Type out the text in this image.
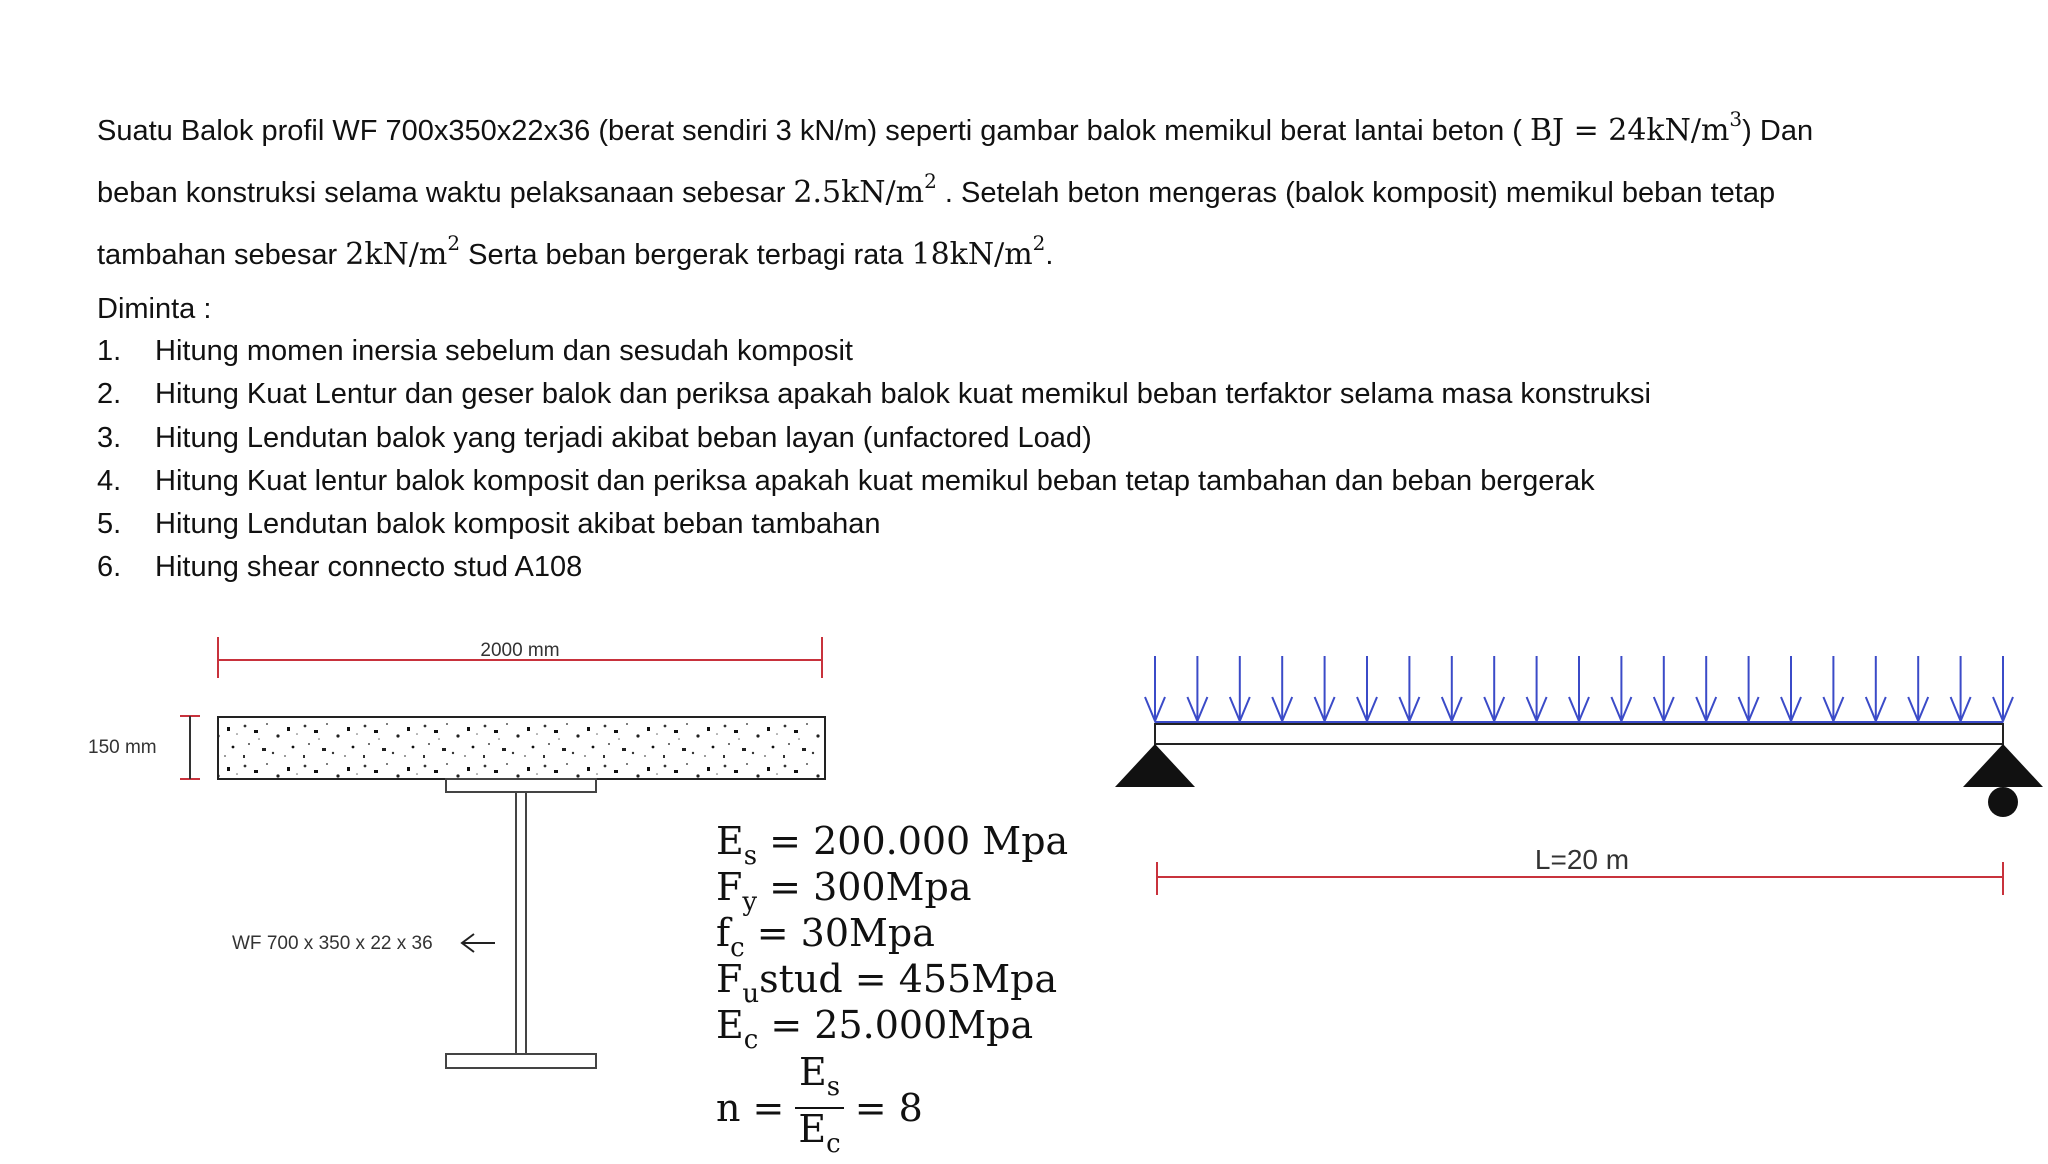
Suatu Balok profil WF 700x350x22x36 (berat sendiri 3 kN/m) seperti gambar balok memikul berat lantai beton ( BJ = $24kN/m^3$) Dan

beban konstruksi selama waktu pelaksanaan sebesar $2.5kN/m^2$ . Setelah beton mengeras (balok komposit) memikul beban tetap

tambahan sebesar $2kN/m^2$ Serta beban bergerak terbagi rata $18kN/m^2$.

Diminta :
1.	Hitung momen inersia sebelum dan sesudah komposit
2.	Hitung Kuat Lentur dan geser balok dan periksa apakah balok kuat memikul beban terfaktor selama masa konstruksi
3.	Hitung Lendutan balok yang terjadi akibat beban layan (unfactored Load)
4.	Hitung Kuat lentur balok komposit dan periksa apakah kuat memikul beban tetap tambahan dan beban bergerak
5.	Hitung Lendutan balok komposit akibat beban tambahan
6.	Hitung shear connecto stud A108
2000 mm
150 mm
WF 700 x 350 x 22 x 36
L=20 m
$E_s = 200.000$ Mpa
$F_y = 300Mpa$
$f_c = 30Mpa$
$F_ustud = 455Mpa$
$E_c = 25.000Mpa$
$n = \frac{E_s}{E_c} = 8$
